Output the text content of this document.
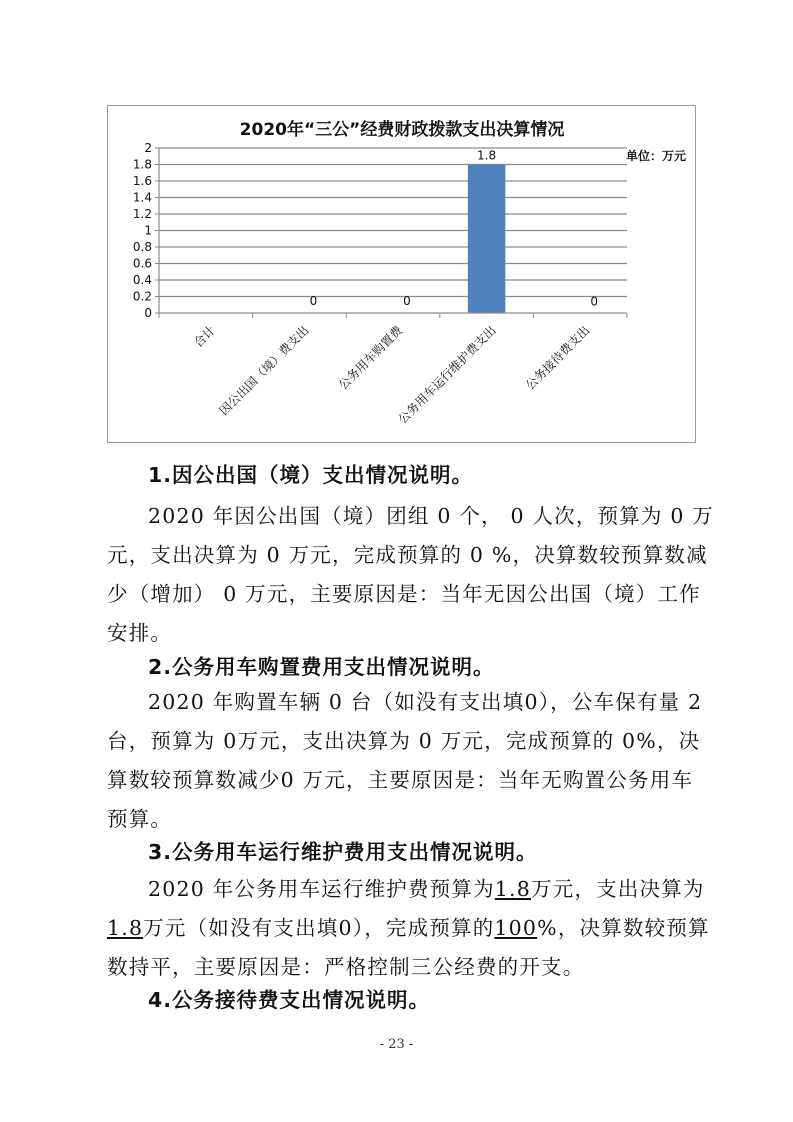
2020年“三公”经费财政拨款支出决算情况
单位：万元
0
0.2
0.4
0.6
0.8
1
1.2
1.4
1.6
1.8
2
合计
0
因公出国（境）费支出
0
公务用车购置费
1.8
公务用车运行维护费支出
0
公务接待费支出
1.因公出国（境）支出情况说明。
2020 年因公出国（境）团组 0 个， 0 人次，预算为 0 万
元，支出决算为 0 万元，完成预算的 0 %，决算数较预算数减
少（增加） 0 万元，主要原因是：当年无因公出国（境）工作
安排。
2.公务用车购置费用支出情况说明。
2020 年购置车辆 0 台（如没有支出填0），公车保有量 2
台，预算为 0万元，支出决算为 0 万元，完成预算的 0%，决
算数较预算数减少0 万元，主要原因是：当年无购置公务用车
预算。
3.公务用车运行维护费用支出情况说明。
2020 年公务用车运行维护费预算为1.8万元，支出决算为
1.8万元（如没有支出填0），完成预算的100%，决算数较预算
数持平，主要原因是：严格控制三公经费的开支。
4.公务接待费支出情况说明。
- 23 -
